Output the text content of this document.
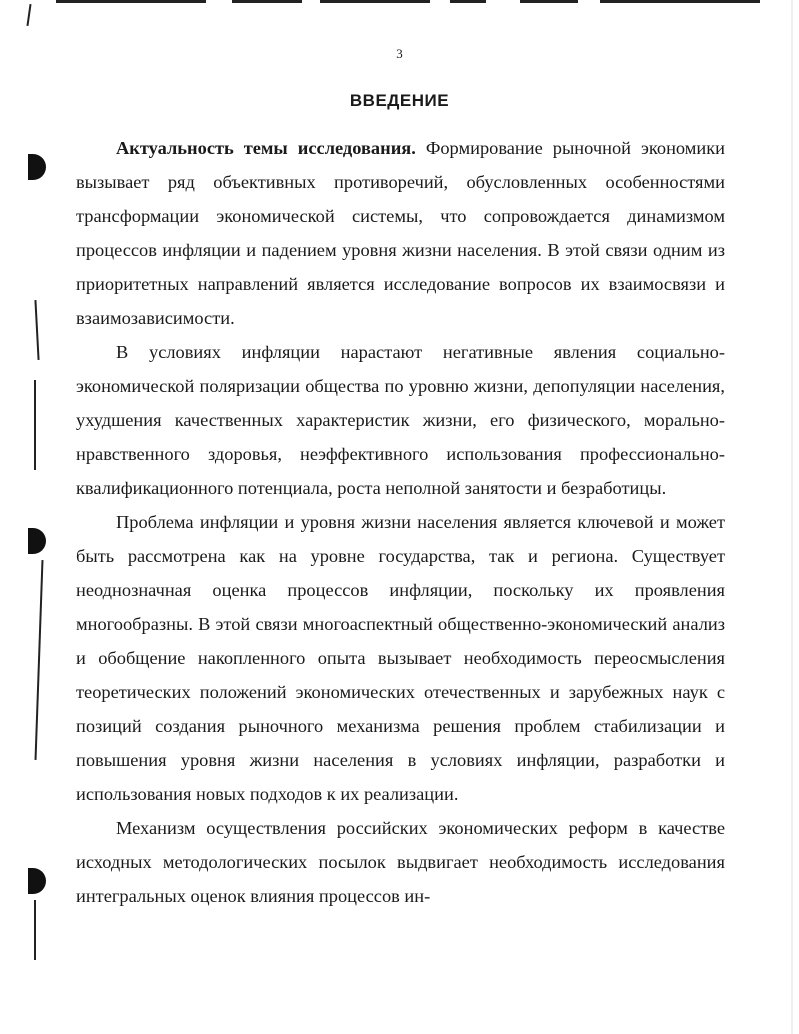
3
ВВЕДЕНИЕ

Актуальность темы исследования. Формирование рыночной экономики вызывает ряд объективных противоречий, обусловленных особенностями трансформации экономической системы, что сопровождается динамизмом процессов инфляции и падением уровня жизни населения. В этой связи одним из приоритетных направлений является исследование вопросов их взаимосвязи и взаимозависимости.

В условиях инфляции нарастают негативные явления социально-экономической поляризации общества по уровню жизни, депопуляции населения, ухудшения качественных характеристик жизни, его физического, морально-нравственного здоровья, неэффективного использования профессионально-квалификационного потенциала, роста неполной занятости и безработицы.

Проблема инфляции и уровня жизни населения является ключевой и может быть рассмотрена как на уровне государства, так и региона. Существует неоднозначная оценка процессов инфляции, поскольку их проявления многообразны. В этой связи многоаспектный общественно-экономический анализ и обобщение накопленного опыта вызывает необходимость переосмысления теоретических положений экономических отечественных и зарубежных наук с позиций создания рыночного механизма решения проблем стабилизации и повышения уровня жизни населения в условиях инфляции, разработки и использования новых подходов к их реализации.

Механизм осуществления российских экономических реформ в качестве исходных методологических посылок выдвигает необходимость исследования интегральных оценок влияния процессов ин-
